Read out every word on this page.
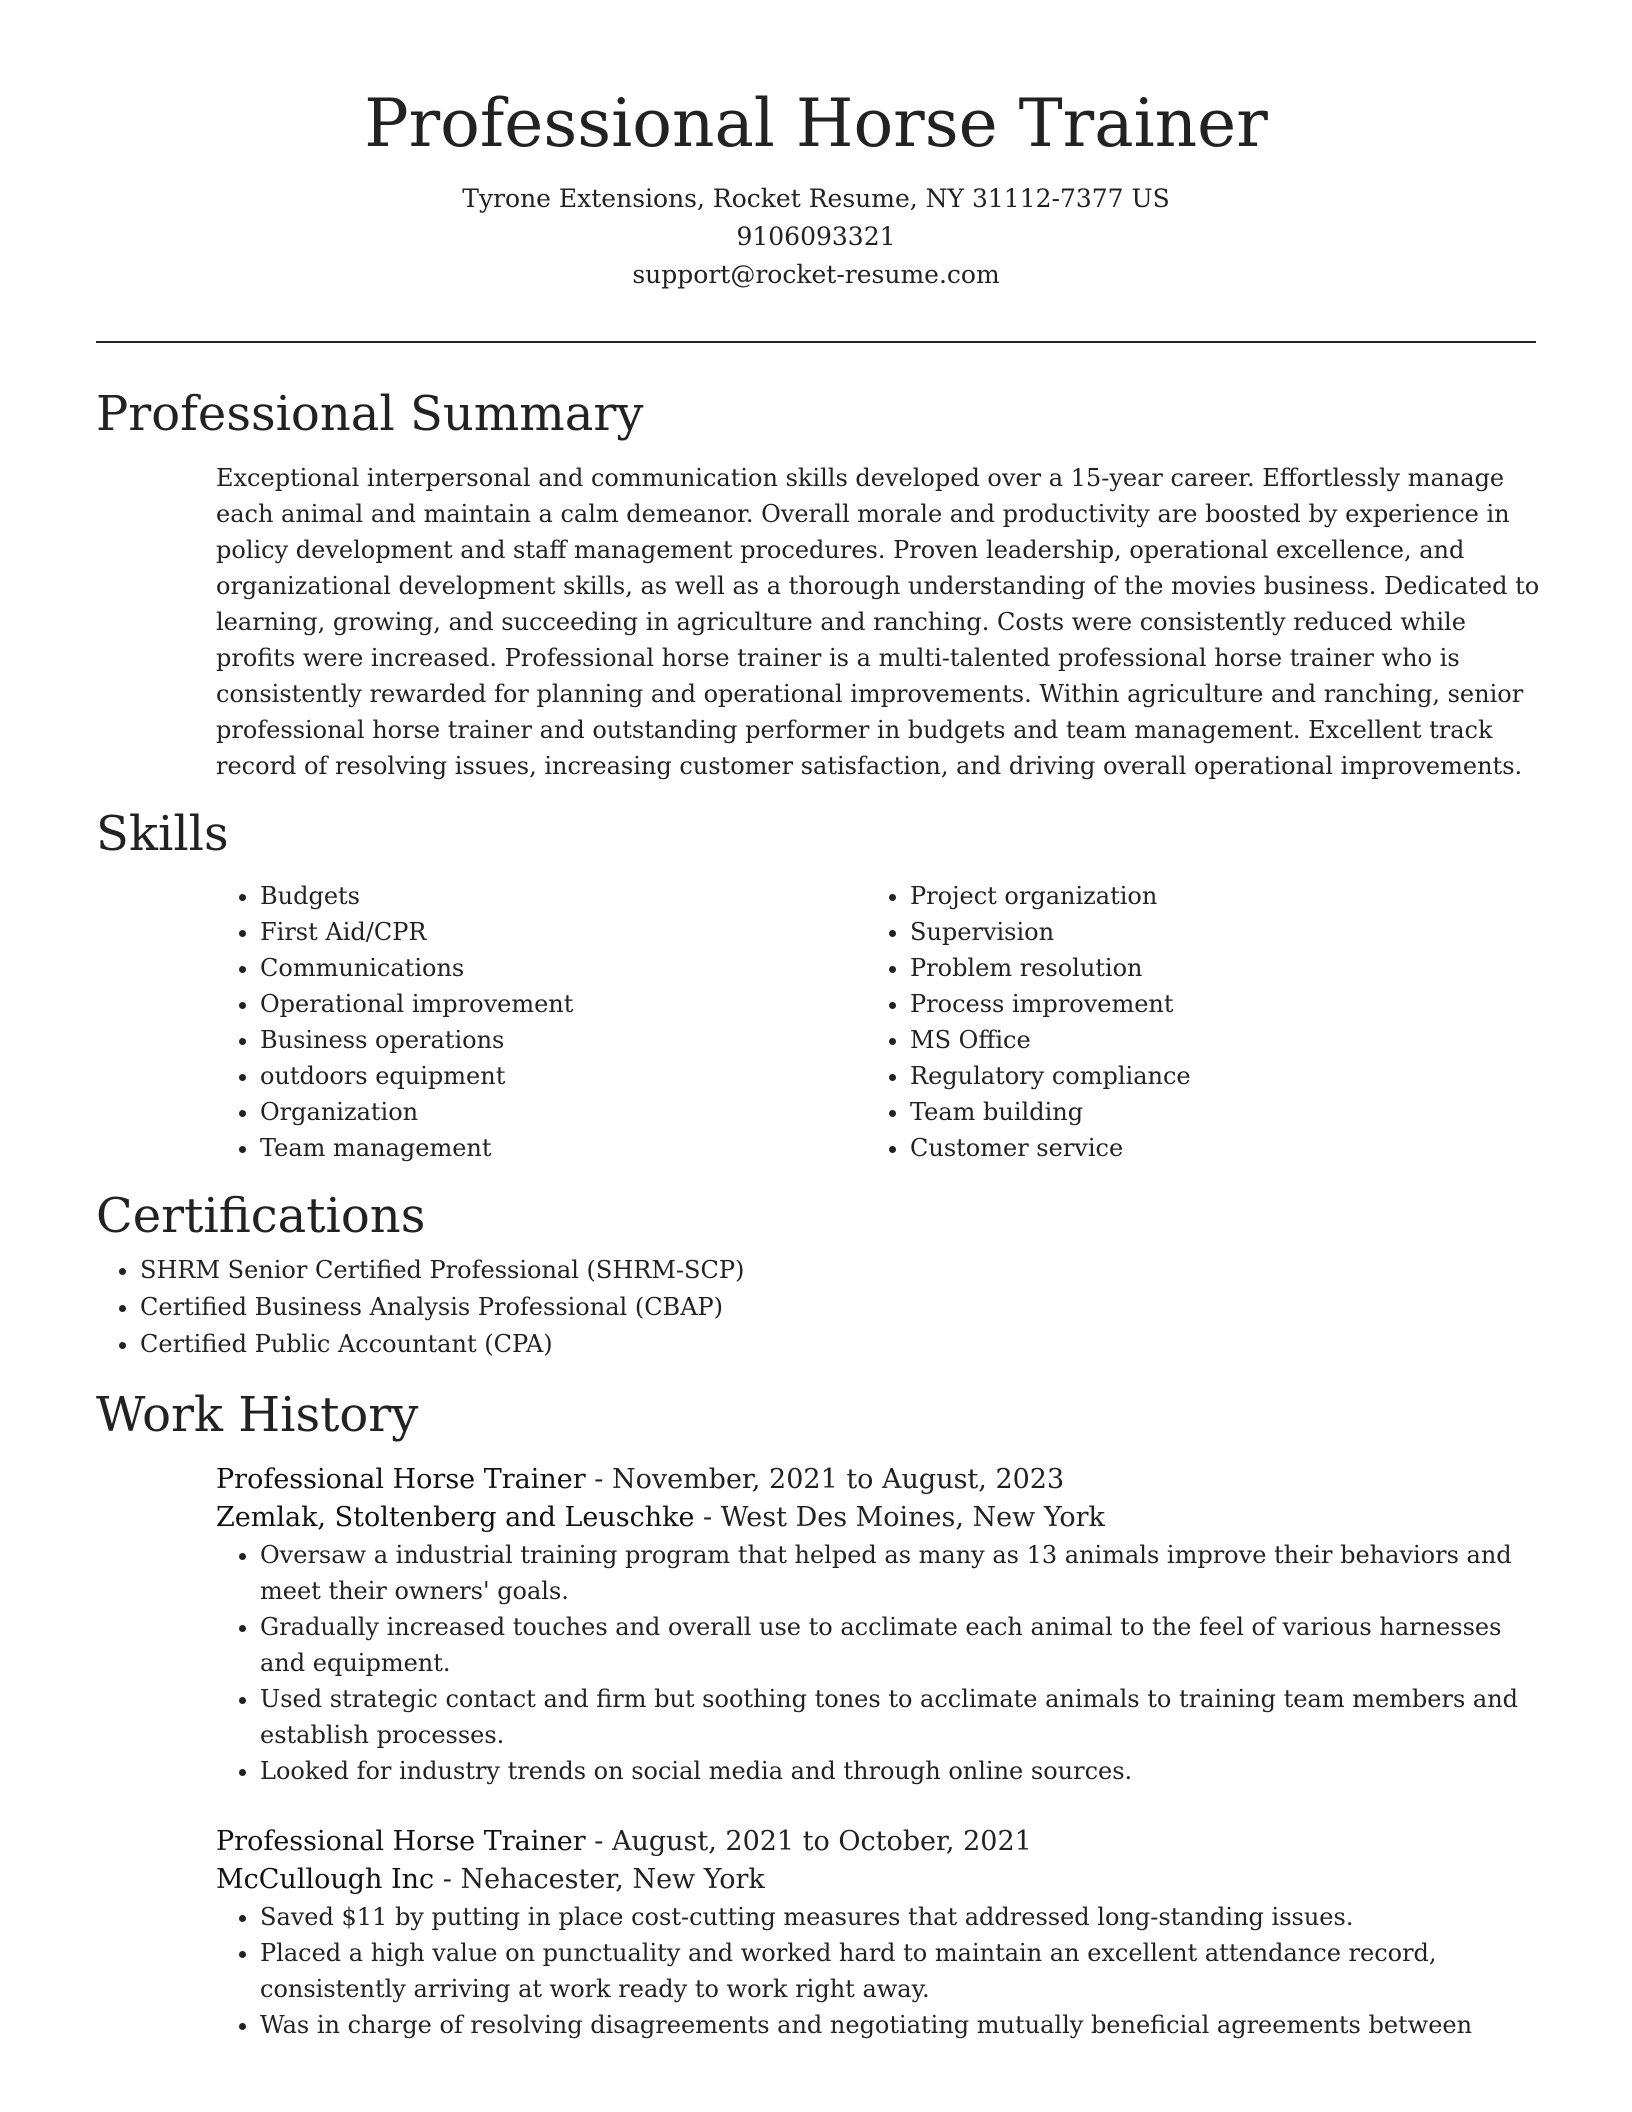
Professional Horse Trainer
Tyrone Extensions, Rocket Resume, NY 31112-7377 US
9106093321
support@rocket-resume.com
Professional Summary
Exceptional interpersonal and communication skills developed over a 15-year career. Effortlessly manage each animal and maintain a calm demeanor. Overall morale and productivity are boosted by experience in policy development and staff management procedures. Proven leadership, operational excellence, and organizational development skills, as well as a thorough understanding of the movies business. Dedicated to learning, growing, and succeeding in agriculture and ranching. Costs were consistently reduced while profits were increased. Professional horse trainer is a multi-talented professional horse trainer who is consistently rewarded for planning and operational improvements. Within agriculture and ranching, senior professional horse trainer and outstanding performer in budgets and team management. Excellent track record of resolving issues, increasing customer satisfaction, and driving overall operational improvements.
Skills
• Budgets
• First Aid/CPR
• Communications
• Operational improvement
• Business operations
• outdoors equipment
• Organization
• Team management
• Project organization
• Supervision
• Problem resolution
• Process improvement
• MS Office
• Regulatory compliance
• Team building
• Customer service
Certifications
• SHRM Senior Certified Professional (SHRM-SCP)
• Certified Business Analysis Professional (CBAP)
• Certified Public Accountant (CPA)
Work History
Professional Horse Trainer - November, 2021 to August, 2023
Zemlak, Stoltenberg and Leuschke - West Des Moines, New York
• Oversaw a industrial training program that helped as many as 13 animals improve their behaviors and meet their owners' goals.
• Gradually increased touches and overall use to acclimate each animal to the feel of various harnesses and equipment.
• Used strategic contact and firm but soothing tones to acclimate animals to training team members and establish processes.
• Looked for industry trends on social media and through online sources.
Professional Horse Trainer - August, 2021 to October, 2021
McCullough Inc - Nehacester, New York
• Saved $11 by putting in place cost-cutting measures that addressed long-standing issues.
• Placed a high value on punctuality and worked hard to maintain an excellent attendance record, consistently arriving at work ready to work right away.
• Was in charge of resolving disagreements and negotiating mutually beneficial agreements between
